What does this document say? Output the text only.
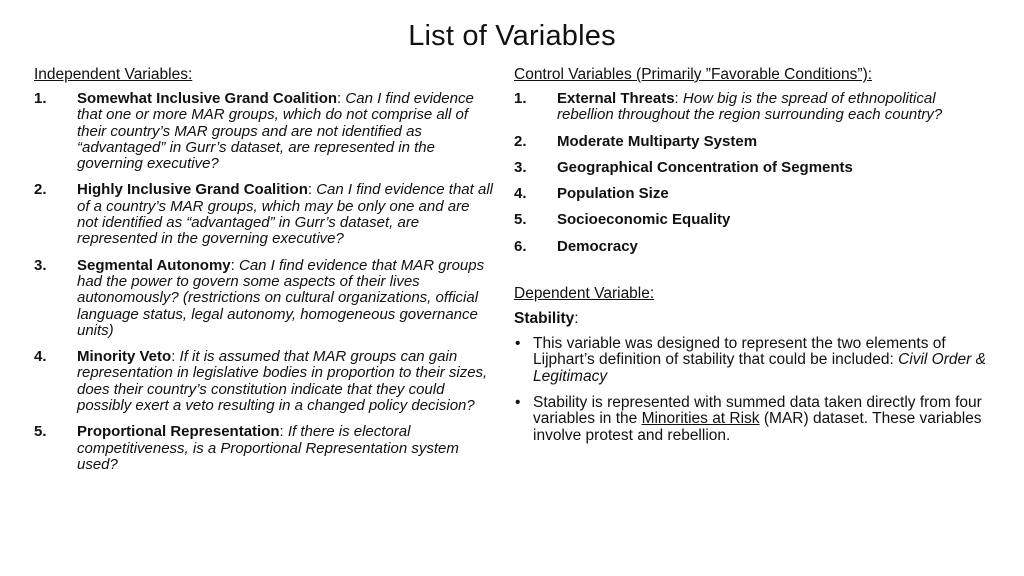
List of Variables
Independent Variables:
1. Somewhat Inclusive Grand Coalition: Can I find evidence that one or more MAR groups, which do not comprise all of their country’s MAR groups and are not identified as “advantaged” in Gurr’s dataset, are represented in the governing executive?
2. Highly Inclusive Grand Coalition: Can I find evidence that all of a country’s MAR groups, which may be only one and are not identified as “advantaged” in Gurr’s dataset, are represented in the governing executive?
3. Segmental Autonomy: Can I find evidence that MAR groups had the power to govern some aspects of their lives autonomously? (restrictions on cultural organizations, official language status, legal autonomy, homogeneous governance units)
4. Minority Veto: If it is assumed that MAR groups can gain representation in legislative bodies in proportion to their sizes, does their country’s constitution indicate that they could possibly exert a veto resulting in a changed policy decision?
5. Proportional Representation: If there is electoral competitiveness, is a Proportional Representation system used?
Control Variables (Primarily ”Favorable Conditions”):
1. External Threats: How big is the spread of ethnopolitical rebellion throughout the region surrounding each country?
2. Moderate Multiparty System
3. Geographical Concentration of Segments
4. Population Size
5. Socioeconomic Equality
6. Democracy
Dependent Variable:
Stability:
• This variable was designed to represent the two elements of Lijphart’s definition of stability that could be included: Civil Order & Legitimacy
• Stability is represented with summed data taken directly from four variables in the Minorities at Risk (MAR) dataset. These variables involve protest and rebellion.
